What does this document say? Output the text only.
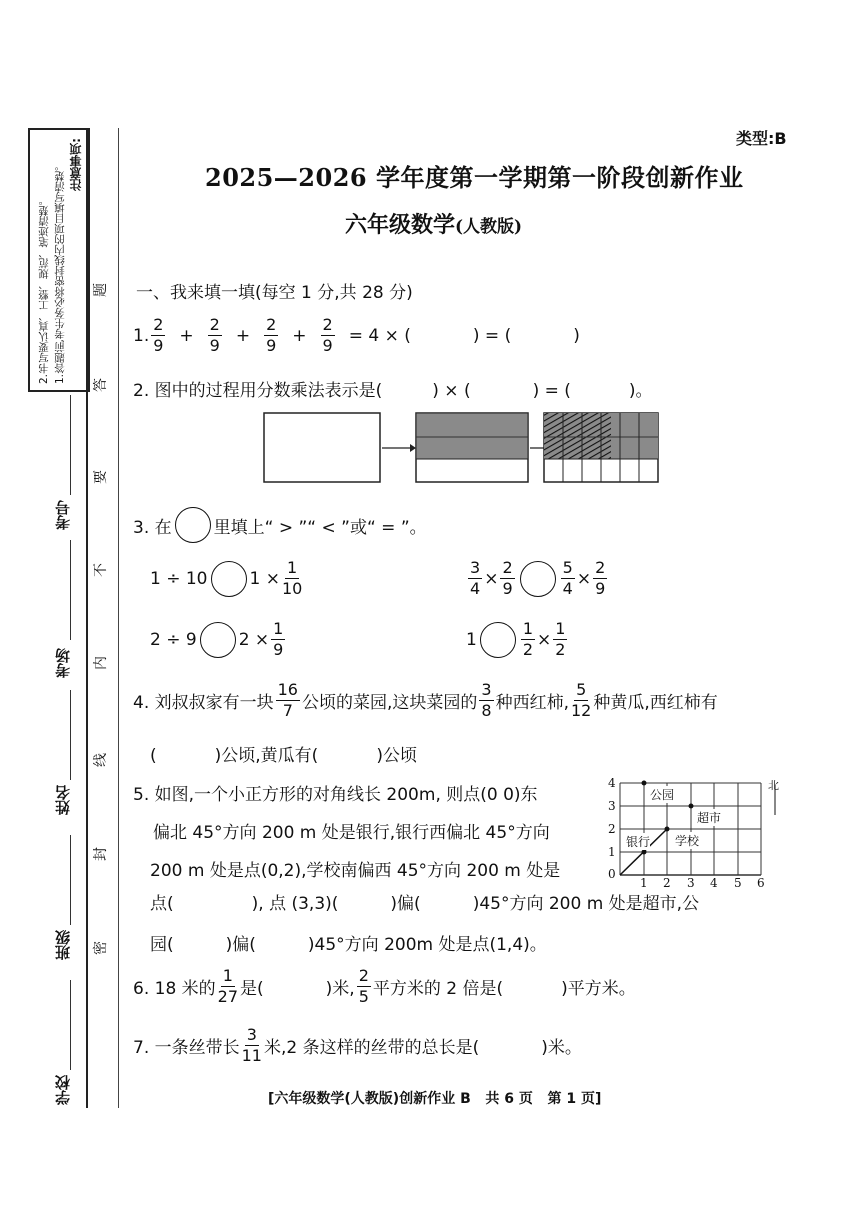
注意事项:
1.答题前,考生务必将密封线内的项目填写清楚。
2.书写要认真、工整、规范、笔迹清楚。
考号
考场
姓名
班级
学校
题
答
要
不
内
线
封
密
类型:B
2025—2026 学年度第一学期第一阶段创新作业
六年级数学(人教版)
一、我来填一填(每空 1 分,共 28 分)
1. $\frac{2}{9} + \frac{2}{9} + \frac{2}{9} + \frac{2}{9} = 4$ × (	) = (	)
2. 图中的过程用分数乘法表示是(	) × (	) = (	)。
3. 在 里填上“ > ”“ < ”或“ = ”。
1 ÷ 10 $1 \times \frac{1}{10}$	$\frac{3}{4} \times \frac{2}{9}$	$\frac{5}{4} \times \frac{2}{9}$
2 ÷ 9 $2 \times \frac{1}{9}$	1	$\frac{1}{2} \times \frac{1}{2}$
4. 刘叔叔家有一块 $\frac{16}{7}$ 公顷的菜园,这块菜园的 $\frac{3}{8}$ 种西红柿, $\frac{5}{12}$ 种黄瓜,西红柿有
(	)公顷,黄瓜有(	)公顷
5. 如图,一个小正方形的对角线长 200m, 则点(0 0)东
偏北 45°方向 200 m 处是银行,银行西偏北 45°方向
200 m 处是点(0,2),学校南偏西 45°方向 200 m 处是
点(	), 点 (3,3)(	)偏(	)45°方向 200 m 处是超市,公
园(	)偏(	)45°方向 200m 处是点(1,4)。
公园
超市
银行 学校
北
4
3
2
1
0
1 2 3 4 5 6
6. 18 米的 $\frac{1}{27}$ 是(	)米, $\frac{2}{5}$ 平方米的 2 倍是(	)平方米。
7. 一条丝带长 $\frac{3}{11}$ 米,2 条这样的丝带的总长是(	)米。
[六年级数学(人教版)创新作业 B   共 6 页   第 1 页]
